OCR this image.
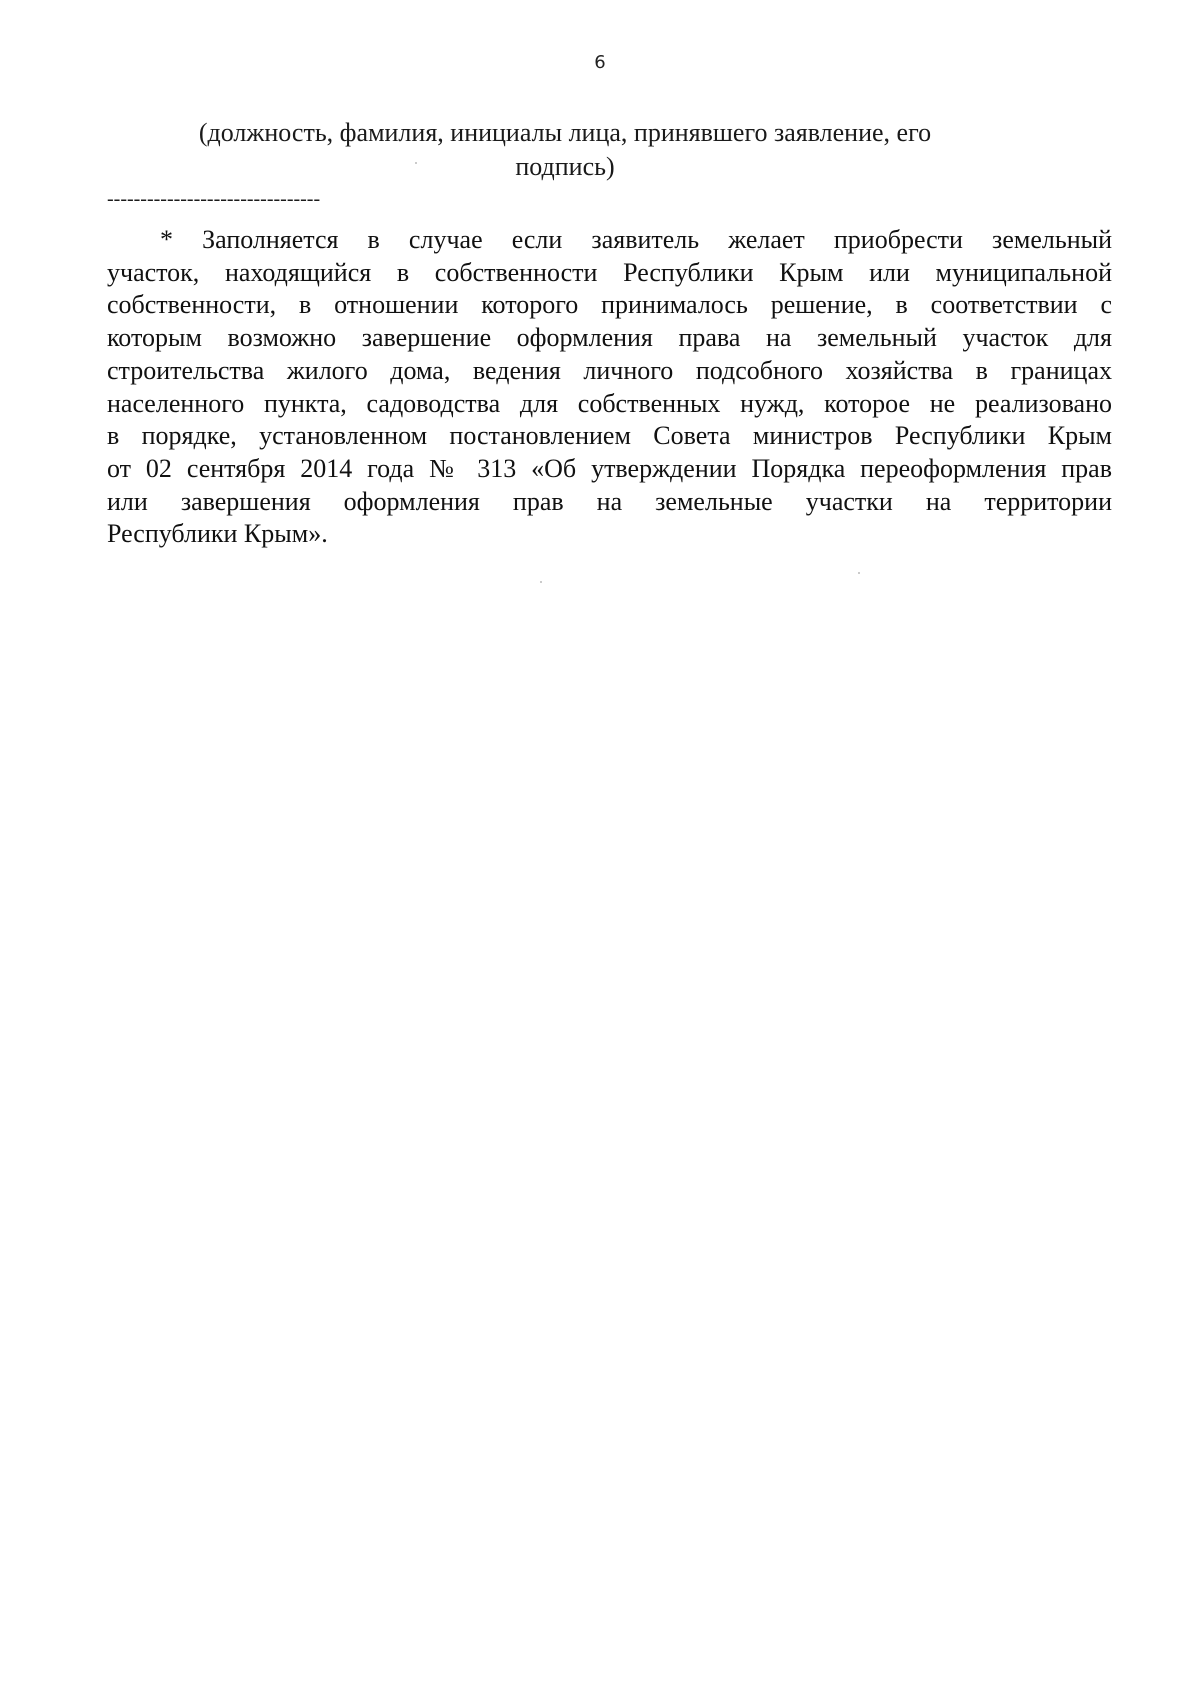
6
(должность, фамилия, инициалы лица, принявшего заявление, его
подпись)
--------------------------------
* Заполняется в случае если заявитель желает приобрести земельный
участок, находящийся в собственности Республики Крым или муниципальной
собственности, в отношении которого принималось решение, в соответствии с
которым возможно завершение оформления права на земельный участок для
строительства жилого дома, ведения личного подсобного хозяйства в границах
населенного пункта, садоводства для собственных нужд, которое не реализовано
в порядке, установленном постановлением Совета министров Республики Крым
от 02 сентября 2014 года № 313 «Об утверждении Порядка переоформления прав
или завершения оформления прав на земельные участки на территории
Республики Крым».
